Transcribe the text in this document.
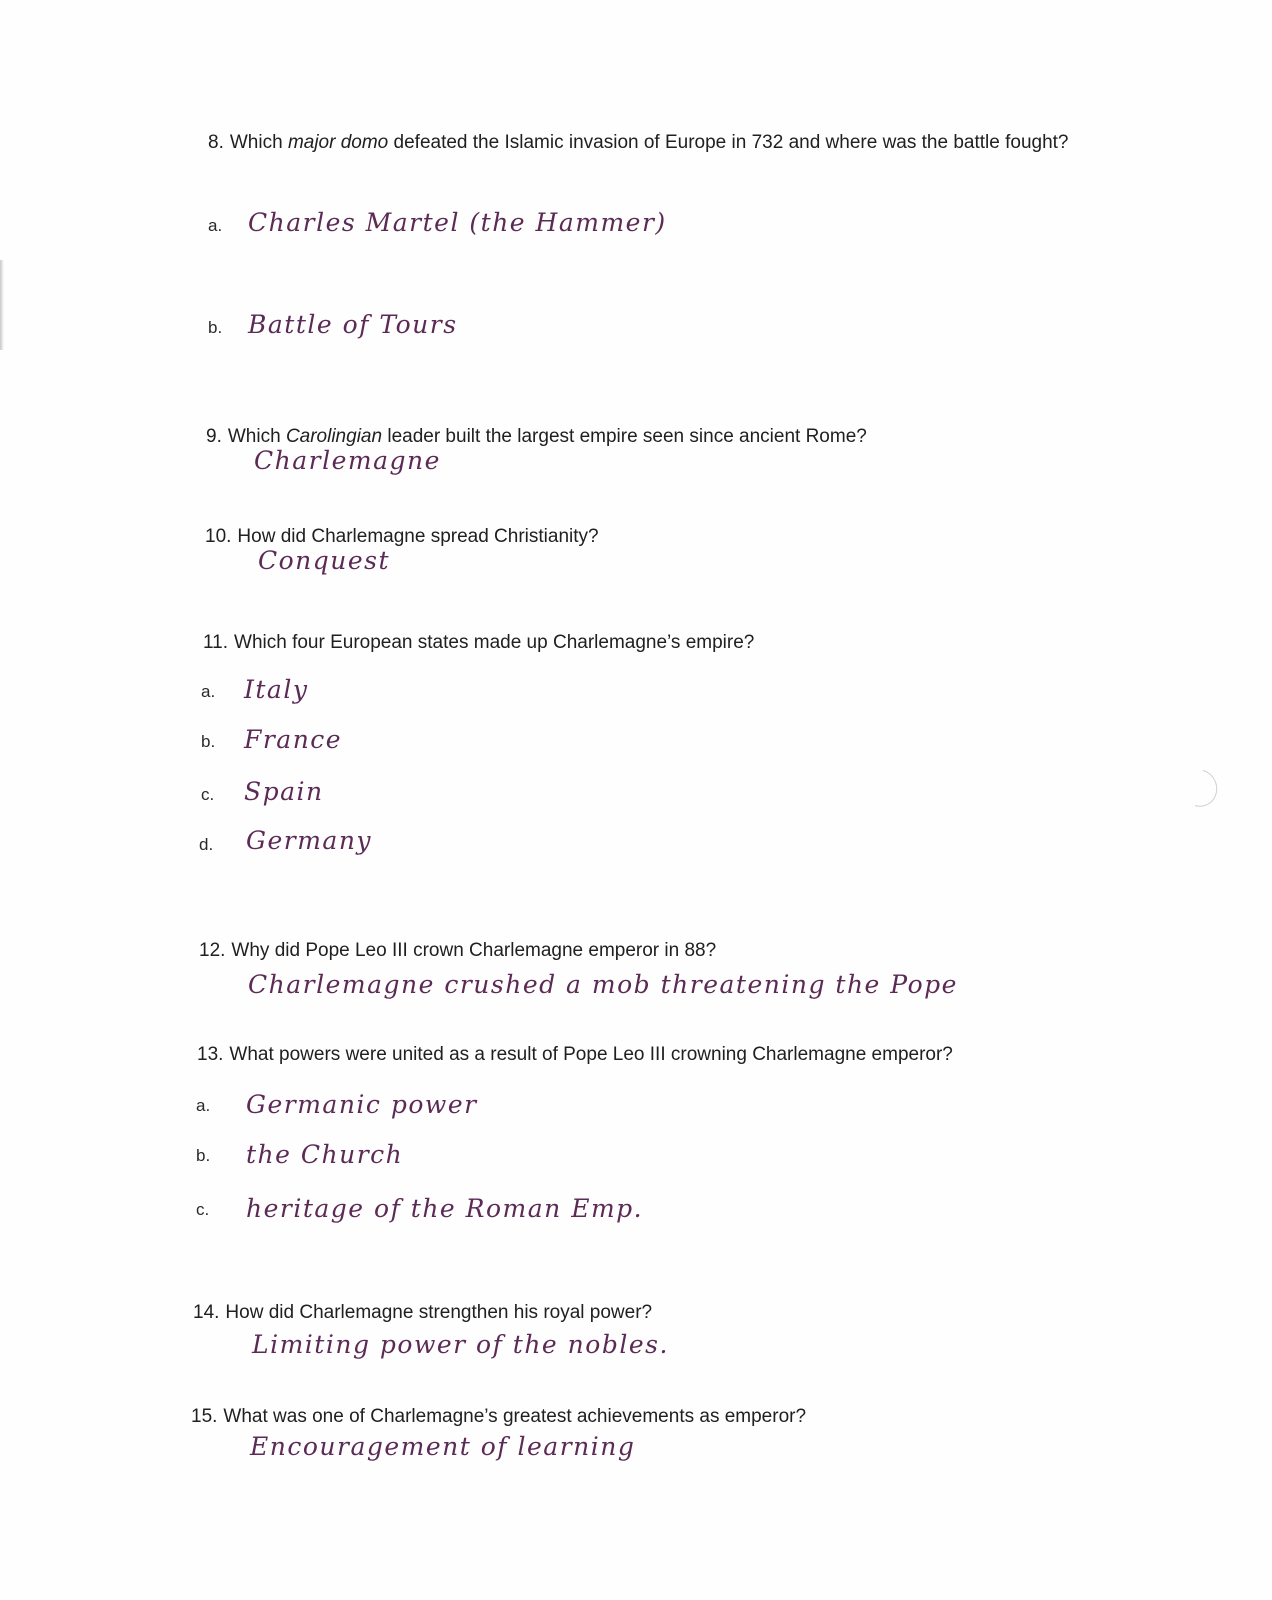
8. Which major domo defeated the Islamic invasion of Europe in 732 and where was the battle fought?
a. Charles Martel (the Hammer)
b. Battle of Tours
9. Which Carolingian leader built the largest empire seen since ancient Rome?
Charlemagne
10. How did Charlemagne spread Christianity?
Conquest
11. Which four European states made up Charlemagne’s empire?
a. Italy
b. France
c. Spain
d. Germany
12. Why did Pope Leo III crown Charlemagne emperor in 88?
Charlemagne crushed a mob threatening the Pope
13. What powers were united as a result of Pope Leo III crowning Charlemagne emperor?
a. Germanic power
b. the Church
c. heritage of the Roman Emp.
14. How did Charlemagne strengthen his royal power?
Limiting power of the nobles.
15. What was one of Charlemagne’s greatest achievements as emperor?
Encouragement of learning
